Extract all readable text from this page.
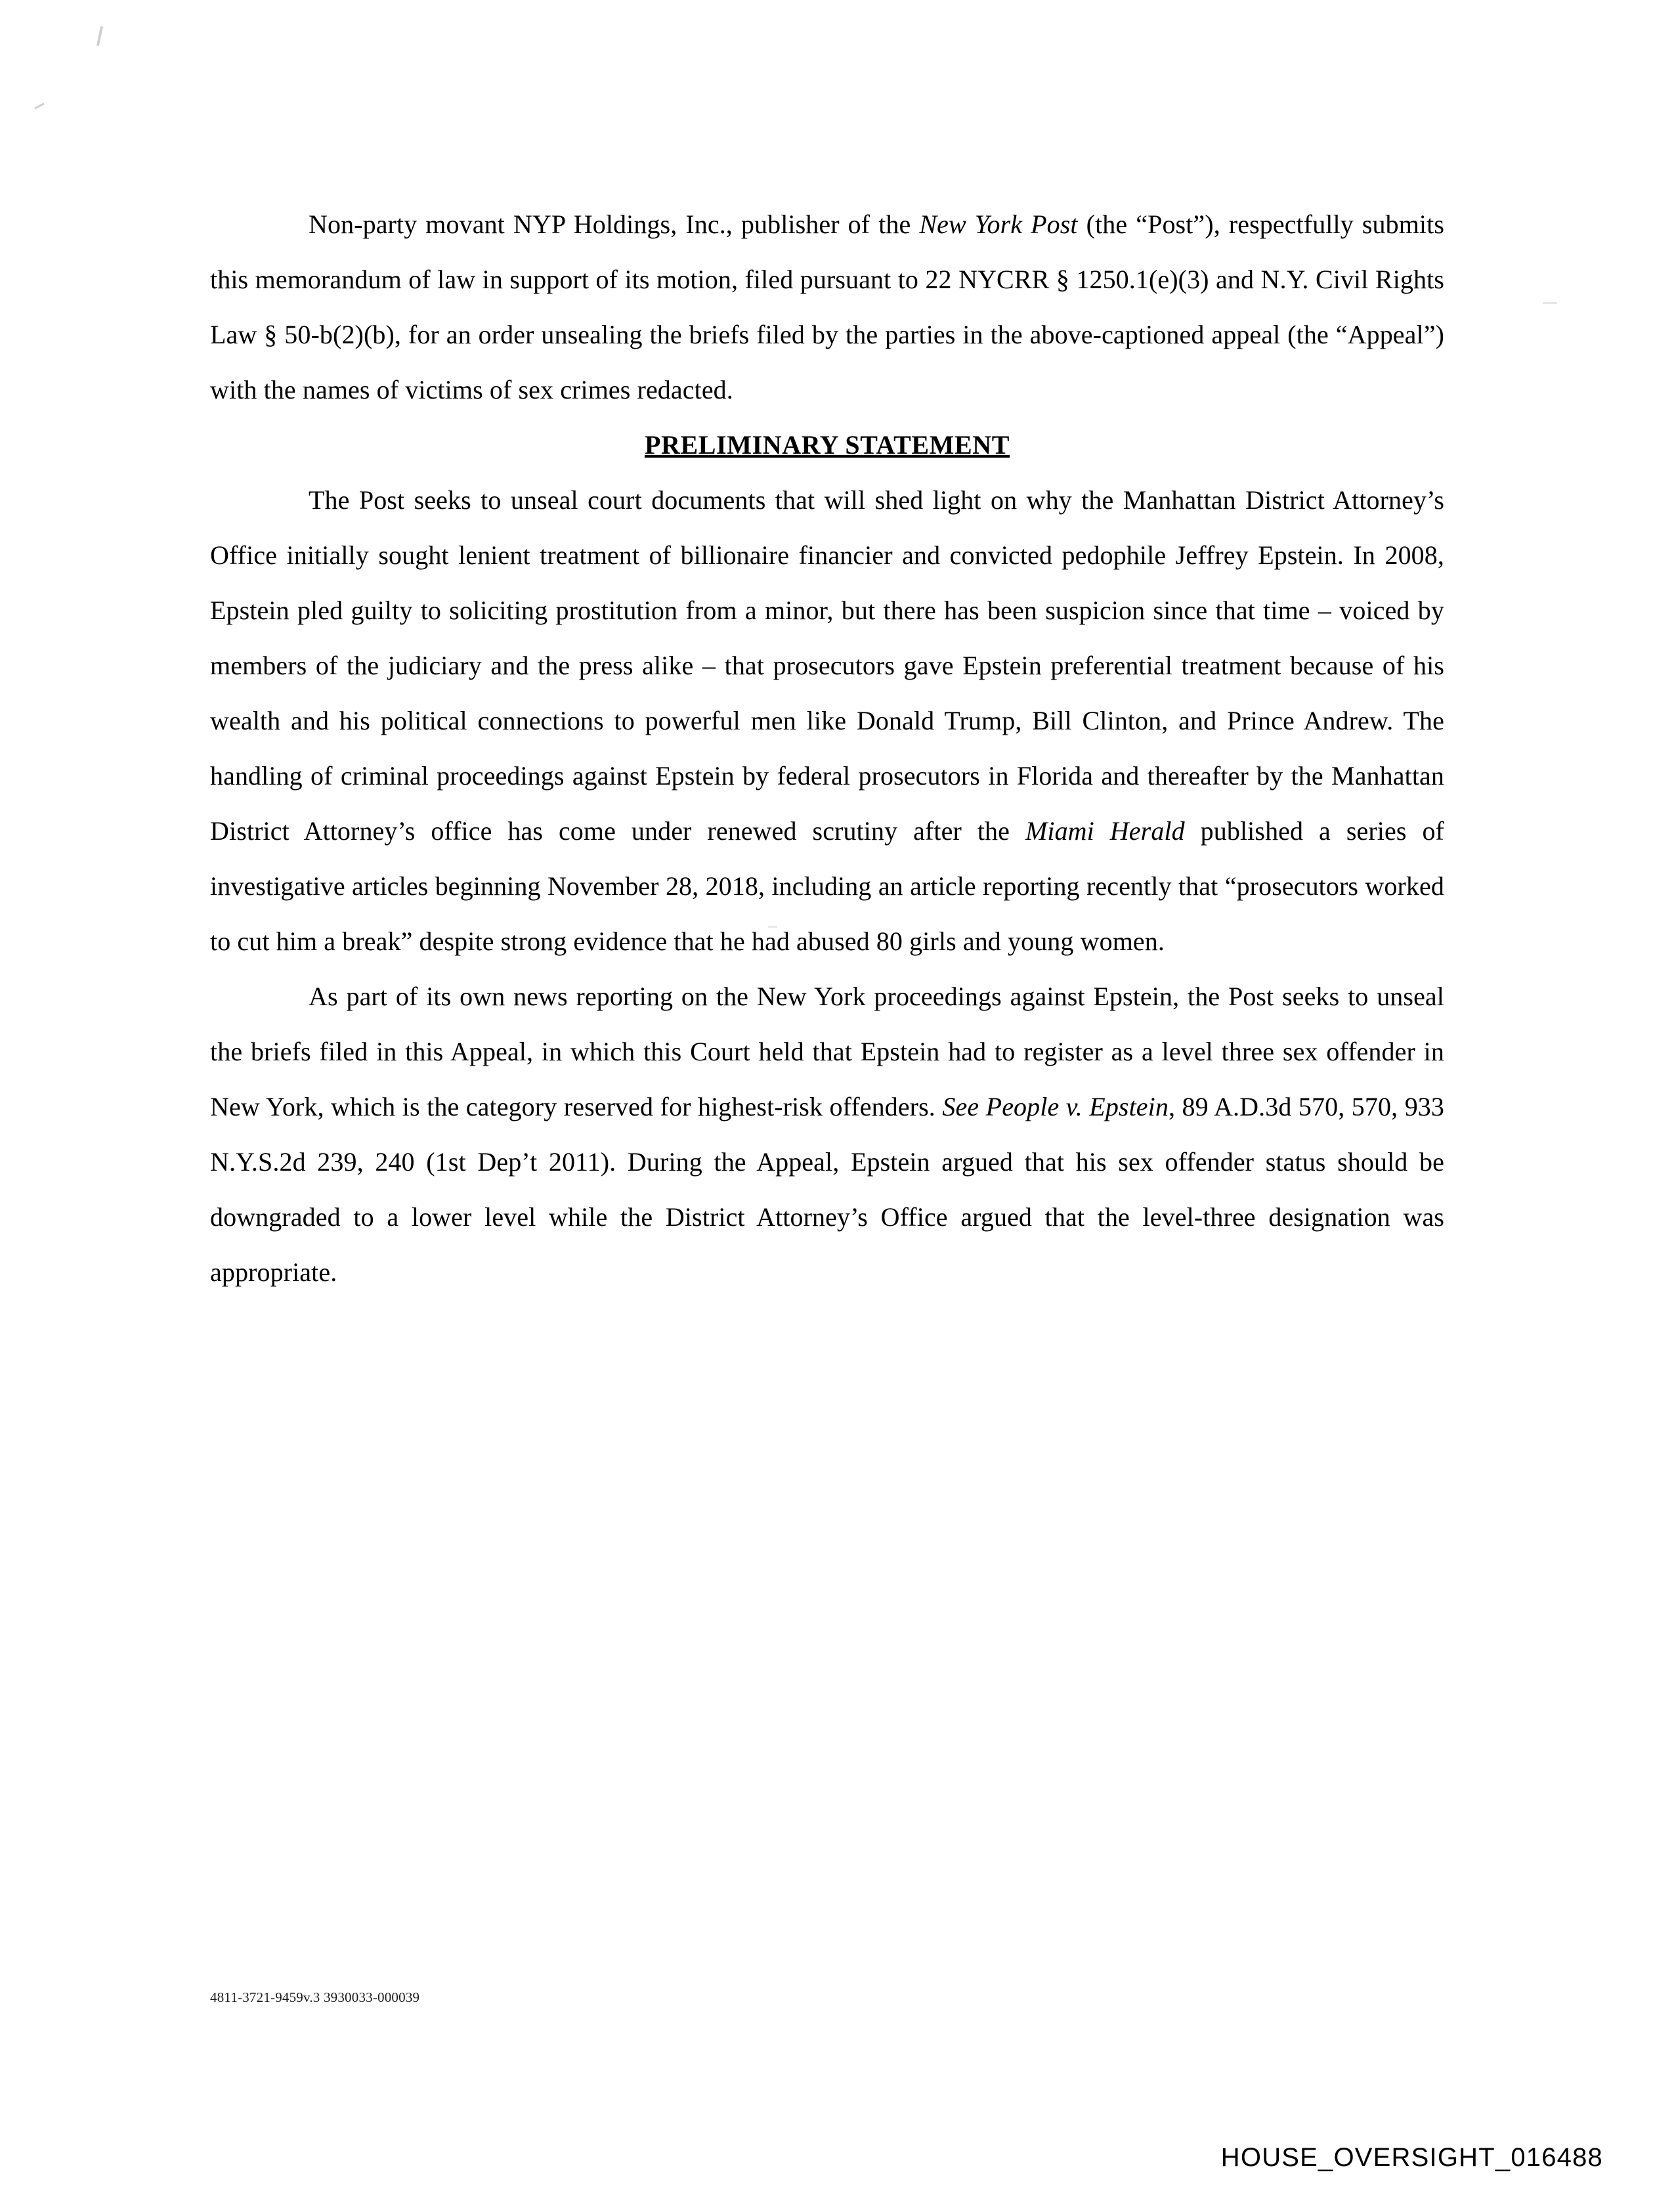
Non-party movant NYP Holdings, Inc., publisher of the New York Post (the “Post”), respectfully submits this memorandum of law in support of its motion, filed pursuant to 22 NYCRR § 1250.1(e)(3) and N.Y. Civil Rights Law § 50-b(2)(b), for an order unsealing the briefs filed by the parties in the above-captioned appeal (the “Appeal”) with the names of victims of sex crimes redacted.

PRELIMINARY STATEMENT

The Post seeks to unseal court documents that will shed light on why the Manhattan District Attorney’s Office initially sought lenient treatment of billionaire financier and convicted pedophile Jeffrey Epstein. In 2008, Epstein pled guilty to soliciting prostitution from a minor, but there has been suspicion since that time – voiced by members of the judiciary and the press alike – that prosecutors gave Epstein preferential treatment because of his wealth and his political connections to powerful men like Donald Trump, Bill Clinton, and Prince Andrew. The handling of criminal proceedings against Epstein by federal prosecutors in Florida and thereafter by the Manhattan District Attorney’s office has come under renewed scrutiny after the Miami Herald published a series of investigative articles beginning November 28, 2018, including an article reporting recently that “prosecutors worked to cut him a break” despite strong evidence that he had abused 80 girls and young women.

As part of its own news reporting on the New York proceedings against Epstein, the Post seeks to unseal the briefs filed in this Appeal, in which this Court held that Epstein had to register as a level three sex offender in New York, which is the category reserved for highest-risk offenders. See People v. Epstein, 89 A.D.3d 570, 570, 933 N.Y.S.2d 239, 240 (1st Dep’t 2011). During the Appeal, Epstein argued that his sex offender status should be downgraded to a lower level while the District Attorney’s Office argued that the level-three designation was appropriate.

4811-3721-9459v.3 3930033-000039
HOUSE_OVERSIGHT_016488
